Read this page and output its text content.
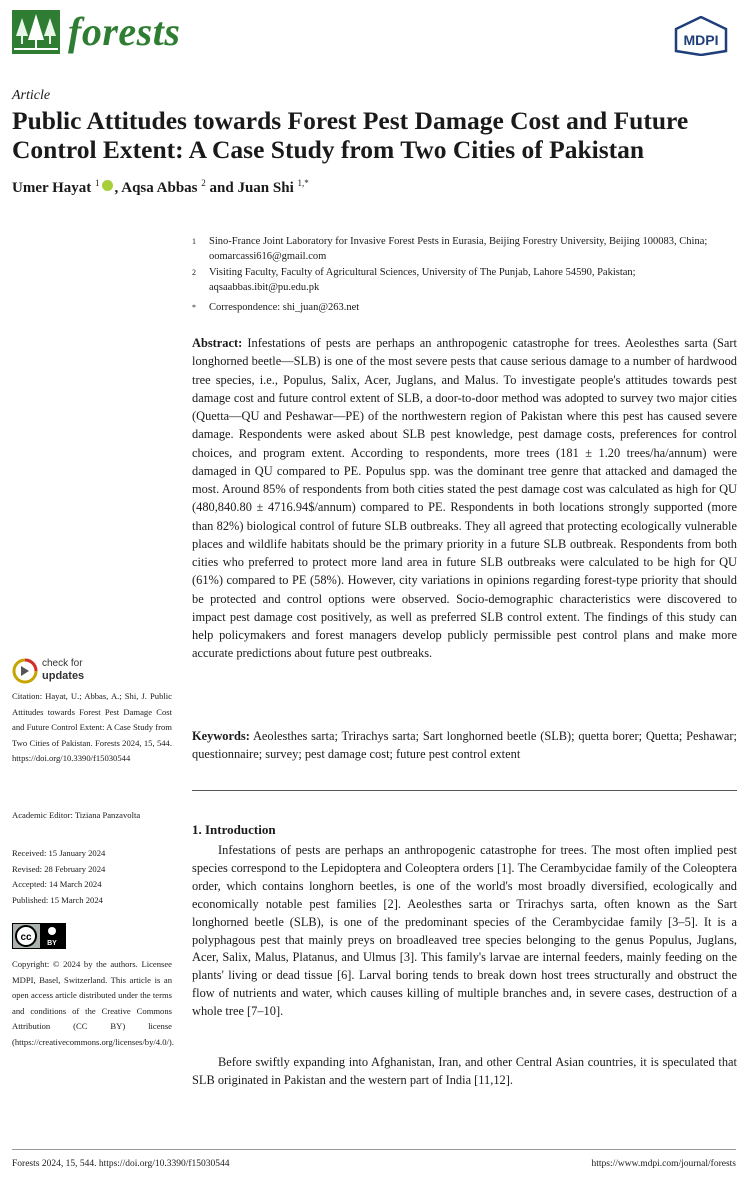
forests	MDPI
Article
Public Attitudes towards Forest Pest Damage Cost and Future Control Extent: A Case Study from Two Cities of Pakistan
Umer Hayat $^1$ , Aqsa Abbas $^2$ and Juan Shi $^{1,*}$
1 Sino-France Joint Laboratory for Invasive Forest Pests in Eurasia, Beijing Forestry University, Beijing 100083, China; oomarcassi616@gmail.com
2 Visiting Faculty, Faculty of Agricultural Sciences, University of The Punjab, Lahore 54590, Pakistan; aqsaabbas.ibit@pu.edu.pk
* Correspondence: shi_juan@263.net
Abstract: Infestations of pests are perhaps an anthropogenic catastrophe for trees. Aeolesthes sarta (Sart longhorned beetle—SLB) is one of the most severe pests that cause serious damage to a number of hardwood tree species, i.e., Populus, Salix, Acer, Juglans, and Malus. To investigate people's attitudes towards pest damage cost and future control extent of SLB, a door-to-door method was adopted to survey two major cities (Quetta—QU and Peshawar—PE) of the northwestern region of Pakistan where this pest has caused severe damage. Respondents were asked about SLB pest knowledge, pest damage costs, preferences for control choices, and program extent. According to respondents, more trees (181 ± 1.20 trees/ha/annum) were damaged in QU compared to PE. Populus spp. was the dominant tree genre that attacked and damaged the most. Around 85% of respondents from both cities stated the pest damage cost was calculated as high for QU (480,840.80 ± 4716.94$/annum) compared to PE. Respondents in both locations strongly supported (more than 82%) biological control of future SLB outbreaks. They all agreed that protecting ecologically vulnerable places and wildlife habitats should be the primary priority in a future SLB outbreak. Respondents from both cities who preferred to protect more land area in future SLB outbreaks were calculated to be high for QU (61%) compared to PE (58%). However, city variations in opinions regarding forest-type priority that should be protected and control options were observed. Socio-demographic characteristics were discovered to impact pest damage cost positively, as well as preferred SLB control extent. The findings of this study can help policymakers and forest managers develop publicly permissible pest control plans and make more accurate predictions about future pest outbreaks.
Keywords: Aeolesthes sarta; Trirachys sarta; Sart longhorned beetle (SLB); quetta borer; Quetta; Peshawar; questionnaire; survey; pest damage cost; future pest control extent
1. Introduction
Infestations of pests are perhaps an anthropogenic catastrophe for trees. The most often implied pest species correspond to the Lepidoptera and Coleoptera orders [1]. The Cerambycidae family of the Coleoptera order, which contains longhorn beetles, is one of the world's most broadly diversified, ecologically and economically notable pest families [2]. Aeolesthes sarta or Trirachys sarta, often known as the Sart longhorned beetle (SLB), is one of the predominant species of the Cerambycidae family [3–5]. It is a polyphagous pest that mainly preys on broadleaved tree species belonging to the genus Populus, Juglans, Acer, Salix, Malus, Platanus, and Ulmus [3]. This family's larvae are internal feeders, mainly feeding on the plants' living or dead tissue [6]. Larval boring tends to break down host trees structurally and obstruct the flow of nutrients and water, which causes killing of multiple branches and, in severe cases, destruction of a whole tree [7–10].
Before swiftly expanding into Afghanistan, Iran, and other Central Asian countries, it is speculated that SLB originated in Pakistan and the western part of India [11,12].
check for
updates
Citation: Hayat, U.; Abbas, A.; Shi, J. Public Attitudes towards Forest Pest Damage Cost and Future Control Extent: A Case Study from Two Cities of Pakistan. Forests 2024, 15, 544. https://doi.org/10.3390/f15030544
Academic Editor: Tiziana Panzavolta
Received: 15 January 2024
Revised: 28 February 2024
Accepted: 14 March 2024
Published: 15 March 2024
cc
BY
Copyright: © 2024 by the authors. Licensee MDPI, Basel, Switzerland. This article is an open access article distributed under the terms and conditions of the Creative Commons Attribution (CC BY) license (https://creativecommons.org/licenses/by/4.0/).
Forests 2024, 15, 544. https://doi.org/10.3390/f15030544	https://www.mdpi.com/journal/forests
